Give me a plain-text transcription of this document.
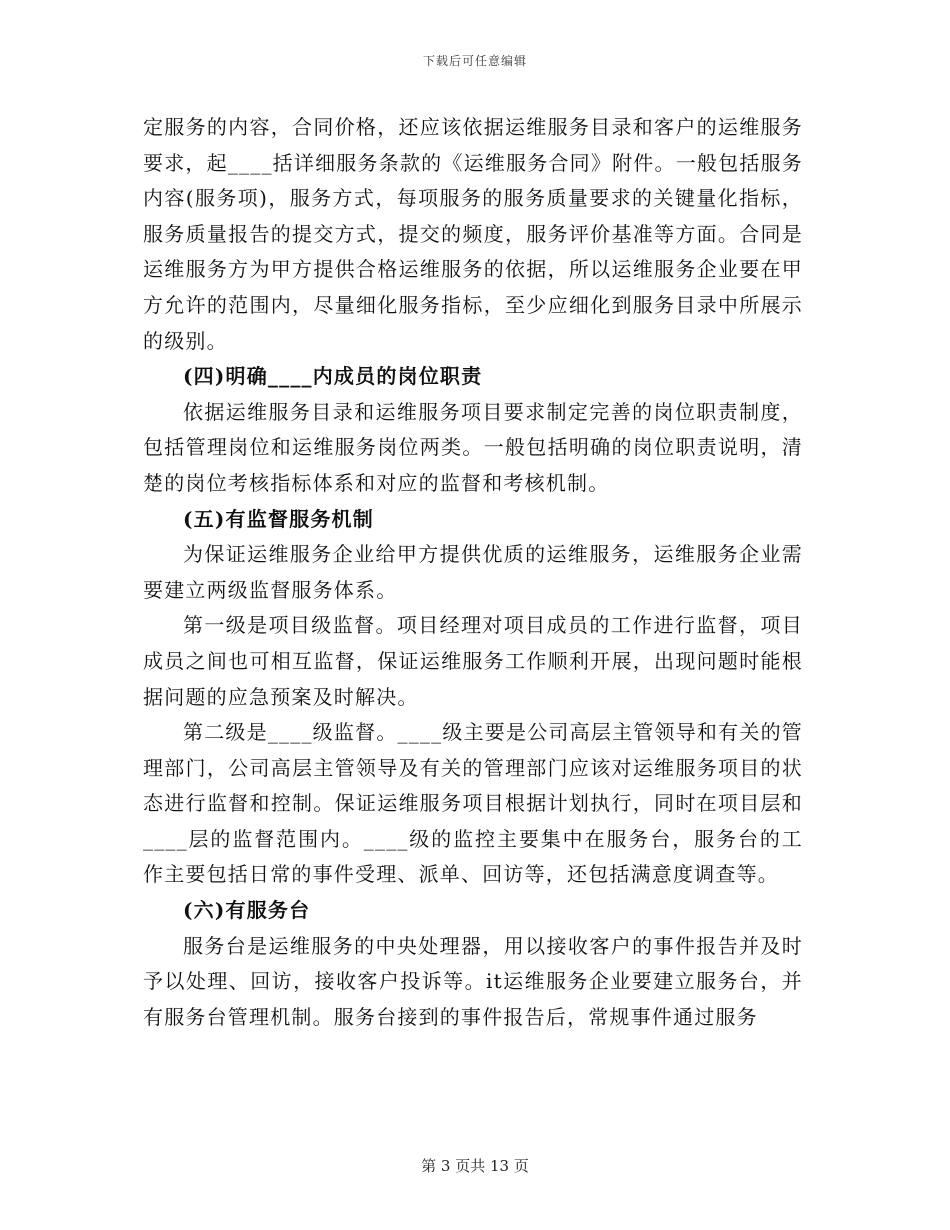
下载后可任意编辑

定服务的内容，合同价格，还应该依据运维服务目录和客户的运维服务要求，起____括详细服务条款的《运维服务合同》附件。一般包括服务内容(服务项)，服务方式，每项服务的服务质量要求的关键量化指标，服务质量报告的提交方式，提交的频度，服务评价基准等方面。合同是运维服务方为甲方提供合格运维服务的依据，所以运维服务企业要在甲方允许的范围内，尽量细化服务指标，至少应细化到服务目录中所展示的级别。

(四)明确____内成员的岗位职责

依据运维服务目录和运维服务项目要求制定完善的岗位职责制度，包括管理岗位和运维服务岗位两类。一般包括明确的岗位职责说明，清楚的岗位考核指标体系和对应的监督和考核机制。

(五)有监督服务机制

为保证运维服务企业给甲方提供优质的运维服务，运维服务企业需要建立两级监督服务体系。

第一级是项目级监督。项目经理对项目成员的工作进行监督，项目成员之间也可相互监督，保证运维服务工作顺利开展，出现问题时能根据问题的应急预案及时解决。

第二级是____级监督。____级主要是公司高层主管领导和有关的管理部门，公司高层主管领导及有关的管理部门应该对运维服务项目的状态进行监督和控制。保证运维服务项目根据计划执行，同时在项目层和____层的监督范围内。____级的监控主要集中在服务台，服务台的工作主要包括日常的事件受理、派单、回访等，还包括满意度调查等。

(六)有服务台

服务台是运维服务的中央处理器，用以接收客户的事件报告并及时予以处理、回访，接收客户投诉等。it运维服务企业要建立服务台，并有服务台管理机制。服务台接到的事件报告后，常规事件通过服务

第 3 页共 13 页
